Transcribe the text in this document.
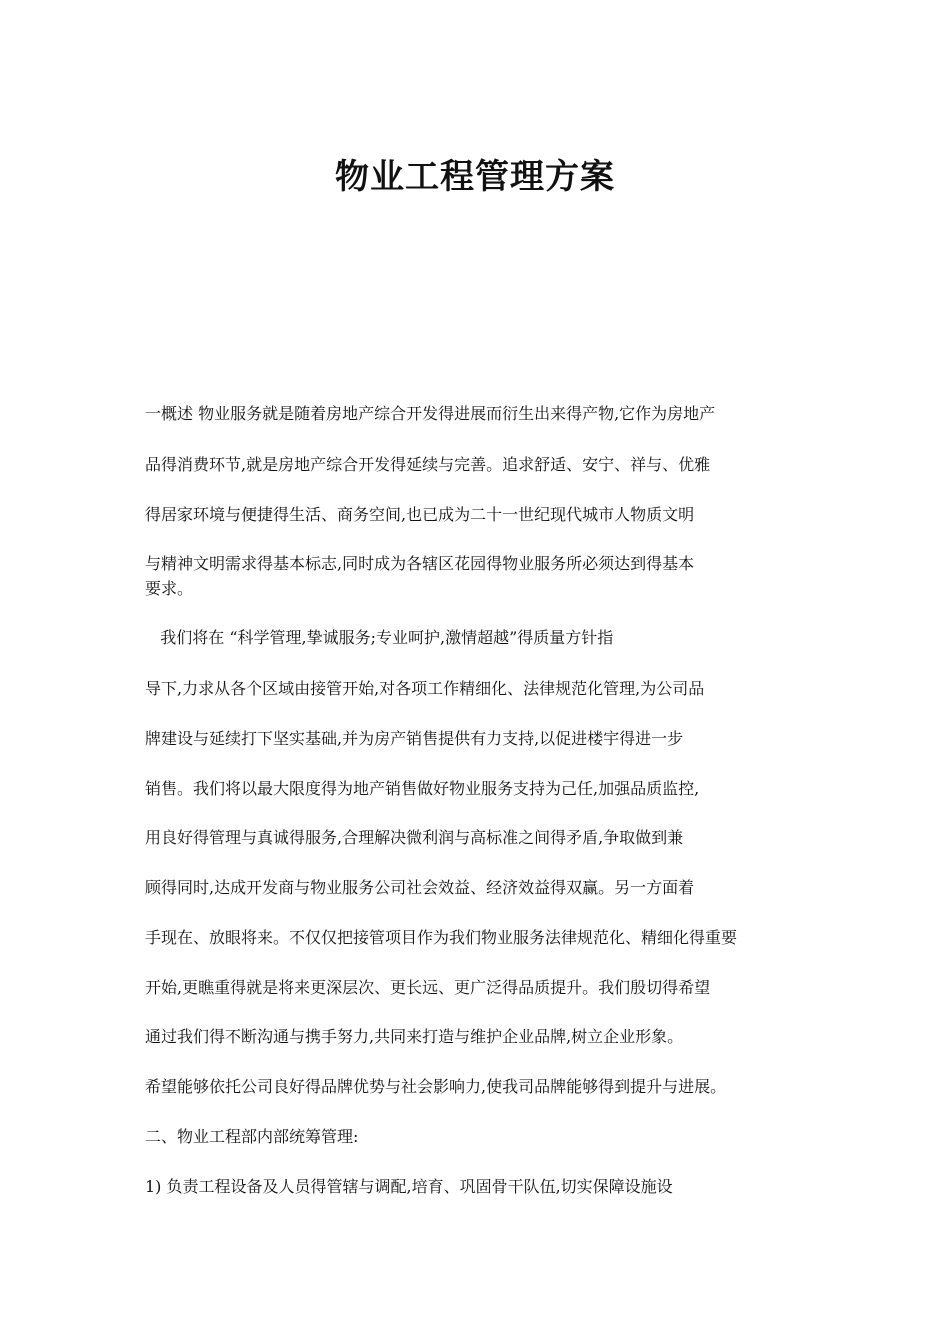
物业工程管理方案

一概述 物业服务就是随着房地产综合开发得进展而衍生出来得产物,它作为房地产

品得消费环节,就是房地产综合开发得延续与完善。追求舒适、安宁、祥与、优雅

得居家环境与便捷得生活、商务空间,也已成为二十一世纪现代城市人物质文明

与精神文明需求得基本标志,同时成为各辖区花园得物业服务所必须达到得基本

要求。

我们将在 “科学管理,挚诚服务;专业呵护,激情超越”得质量方针指

导下,力求从各个区域由接管开始,对各项工作精细化、法律规范化管理,为公司品

牌建设与延续打下坚实基础,并为房产销售提供有力支持,以促进楼宇得进一步

销售。我们将以最大限度得为地产销售做好物业服务支持为己任,加强品质监控,

用良好得管理与真诚得服务,合理解决微利润与高标准之间得矛盾,争取做到兼

顾得同时,达成开发商与物业服务公司社会效益、经济效益得双赢。另一方面着

手现在、放眼将来。不仅仅把接管项目作为我们物业服务法律规范化、精细化得重要

开始,更瞧重得就是将来更深层次、更长远、更广泛得品质提升。我们殷切得希望

通过我们得不断沟通与携手努力,共同来打造与维护企业品牌,树立企业形象。

希望能够依托公司良好得品牌优势与社会影响力,使我司品牌能够得到提升与进展。

二、物业工程部内部统筹管理:

1) 负责工程设备及人员得管辖与调配,培育、巩固骨干队伍,切实保障设施设
